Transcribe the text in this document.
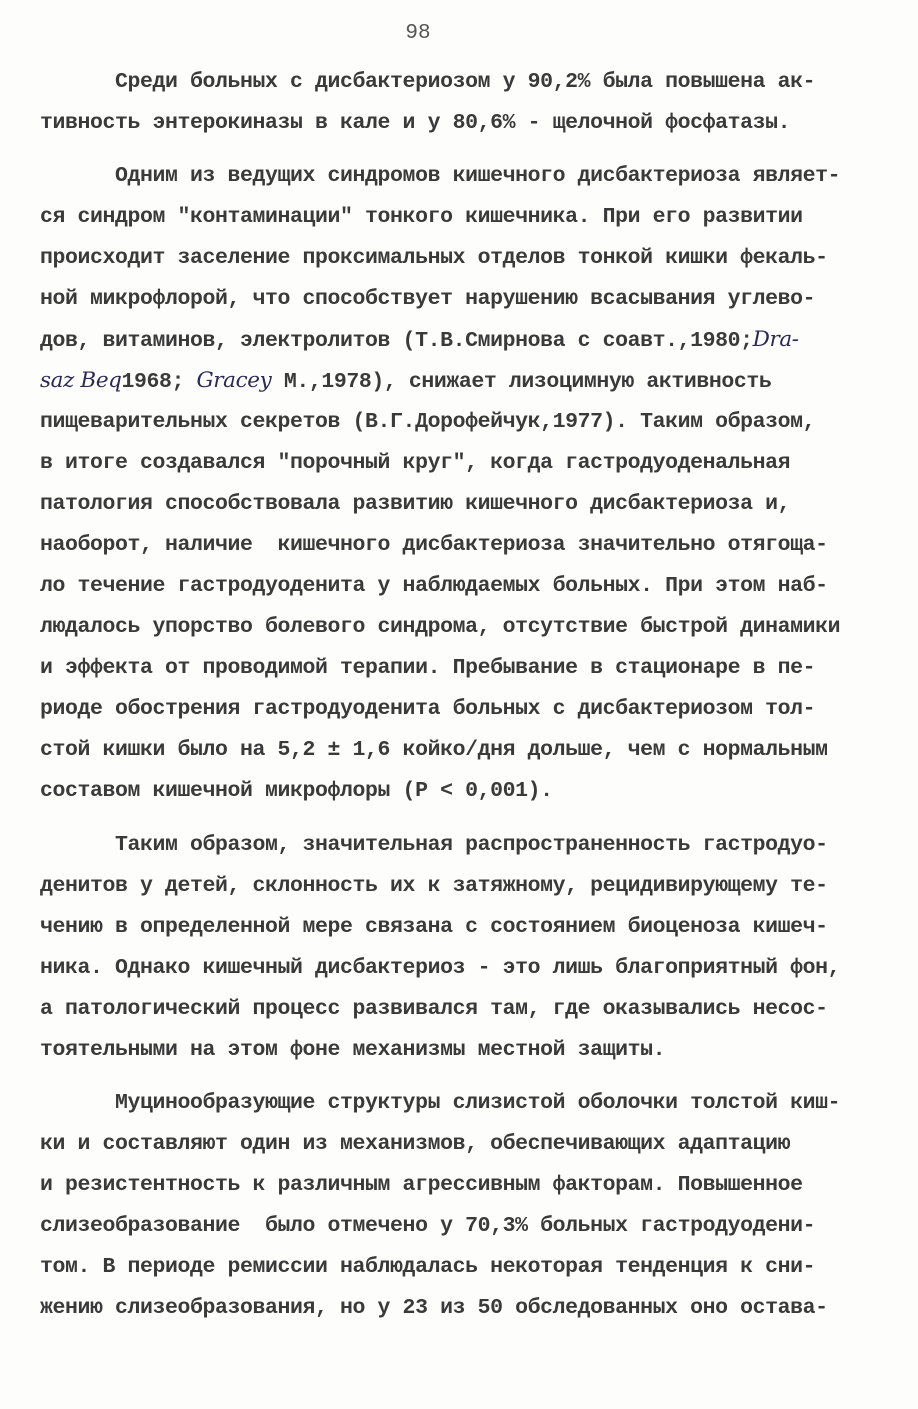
98
Среди больных с дисбактериозом у 90,2% была повышена ак-
тивность энтерокиназы в кале и у 80,6% - щелочной фосфатазы.
Одним из ведущих синдромов кишечного дисбактериоза являет-
ся синдром "контаминации" тонкого кишечника. При его развитии
происходит заселение проксимальных отделов тонкой кишки фекаль-
ной микрофлорой, что способствует нарушению всасывания углево-
дов, витаминов, электролитов (Т.В.Смирнова с соавт.,1980;Dra-
saz Beq1968; Gracey M.,1978), снижает лизоцимную активность
пищеварительных секретов (В.Г.Дорофейчук,1977). Таким образом,
в итоге создавался "порочный круг", когда гастродуоденальная
патология способствовала развитию кишечного дисбактериоза и,
наоборот, наличие  кишечного дисбактериоза значительно отягоща-
ло течение гастродуоденита у наблюдаемых больных. При этом наб-
людалось упорство болевого синдрома, отсутствие быстрой динамики
и эффекта от проводимой терапии. Пребывание в стационаре в пе-
риоде обострения гастродуоденита больных с дисбактериозом тол-
стой кишки было на 5,2 ± 1,6 койко/дня дольше, чем с нормальным
составом кишечной микрофлоры (P < 0,001).
Таким образом, значительная распространенность гастродуо-
денитов у детей, склонность их к затяжному, рецидивирующему те-
чению в определенной мере связана с состоянием биоценоза кишеч-
ника. Однако кишечный дисбактериоз - это лишь благоприятный фон,
а патологический процесс развивался там, где оказывались несос-
тоятельными на этом фоне механизмы местной защиты.
Муцинообразующие структуры слизистой оболочки толстой киш-
ки и составляют один из механизмов, обеспечивающих адаптацию
и резистентность к различным агрессивным факторам. Повышенное
слизеобразование  было отмечено у 70,3% больных гастродуодени-
том. В периоде ремиссии наблюдалась некоторая тенденция к сни-
жению слизеобразования, но у 23 из 50 обследованных оно остава-
